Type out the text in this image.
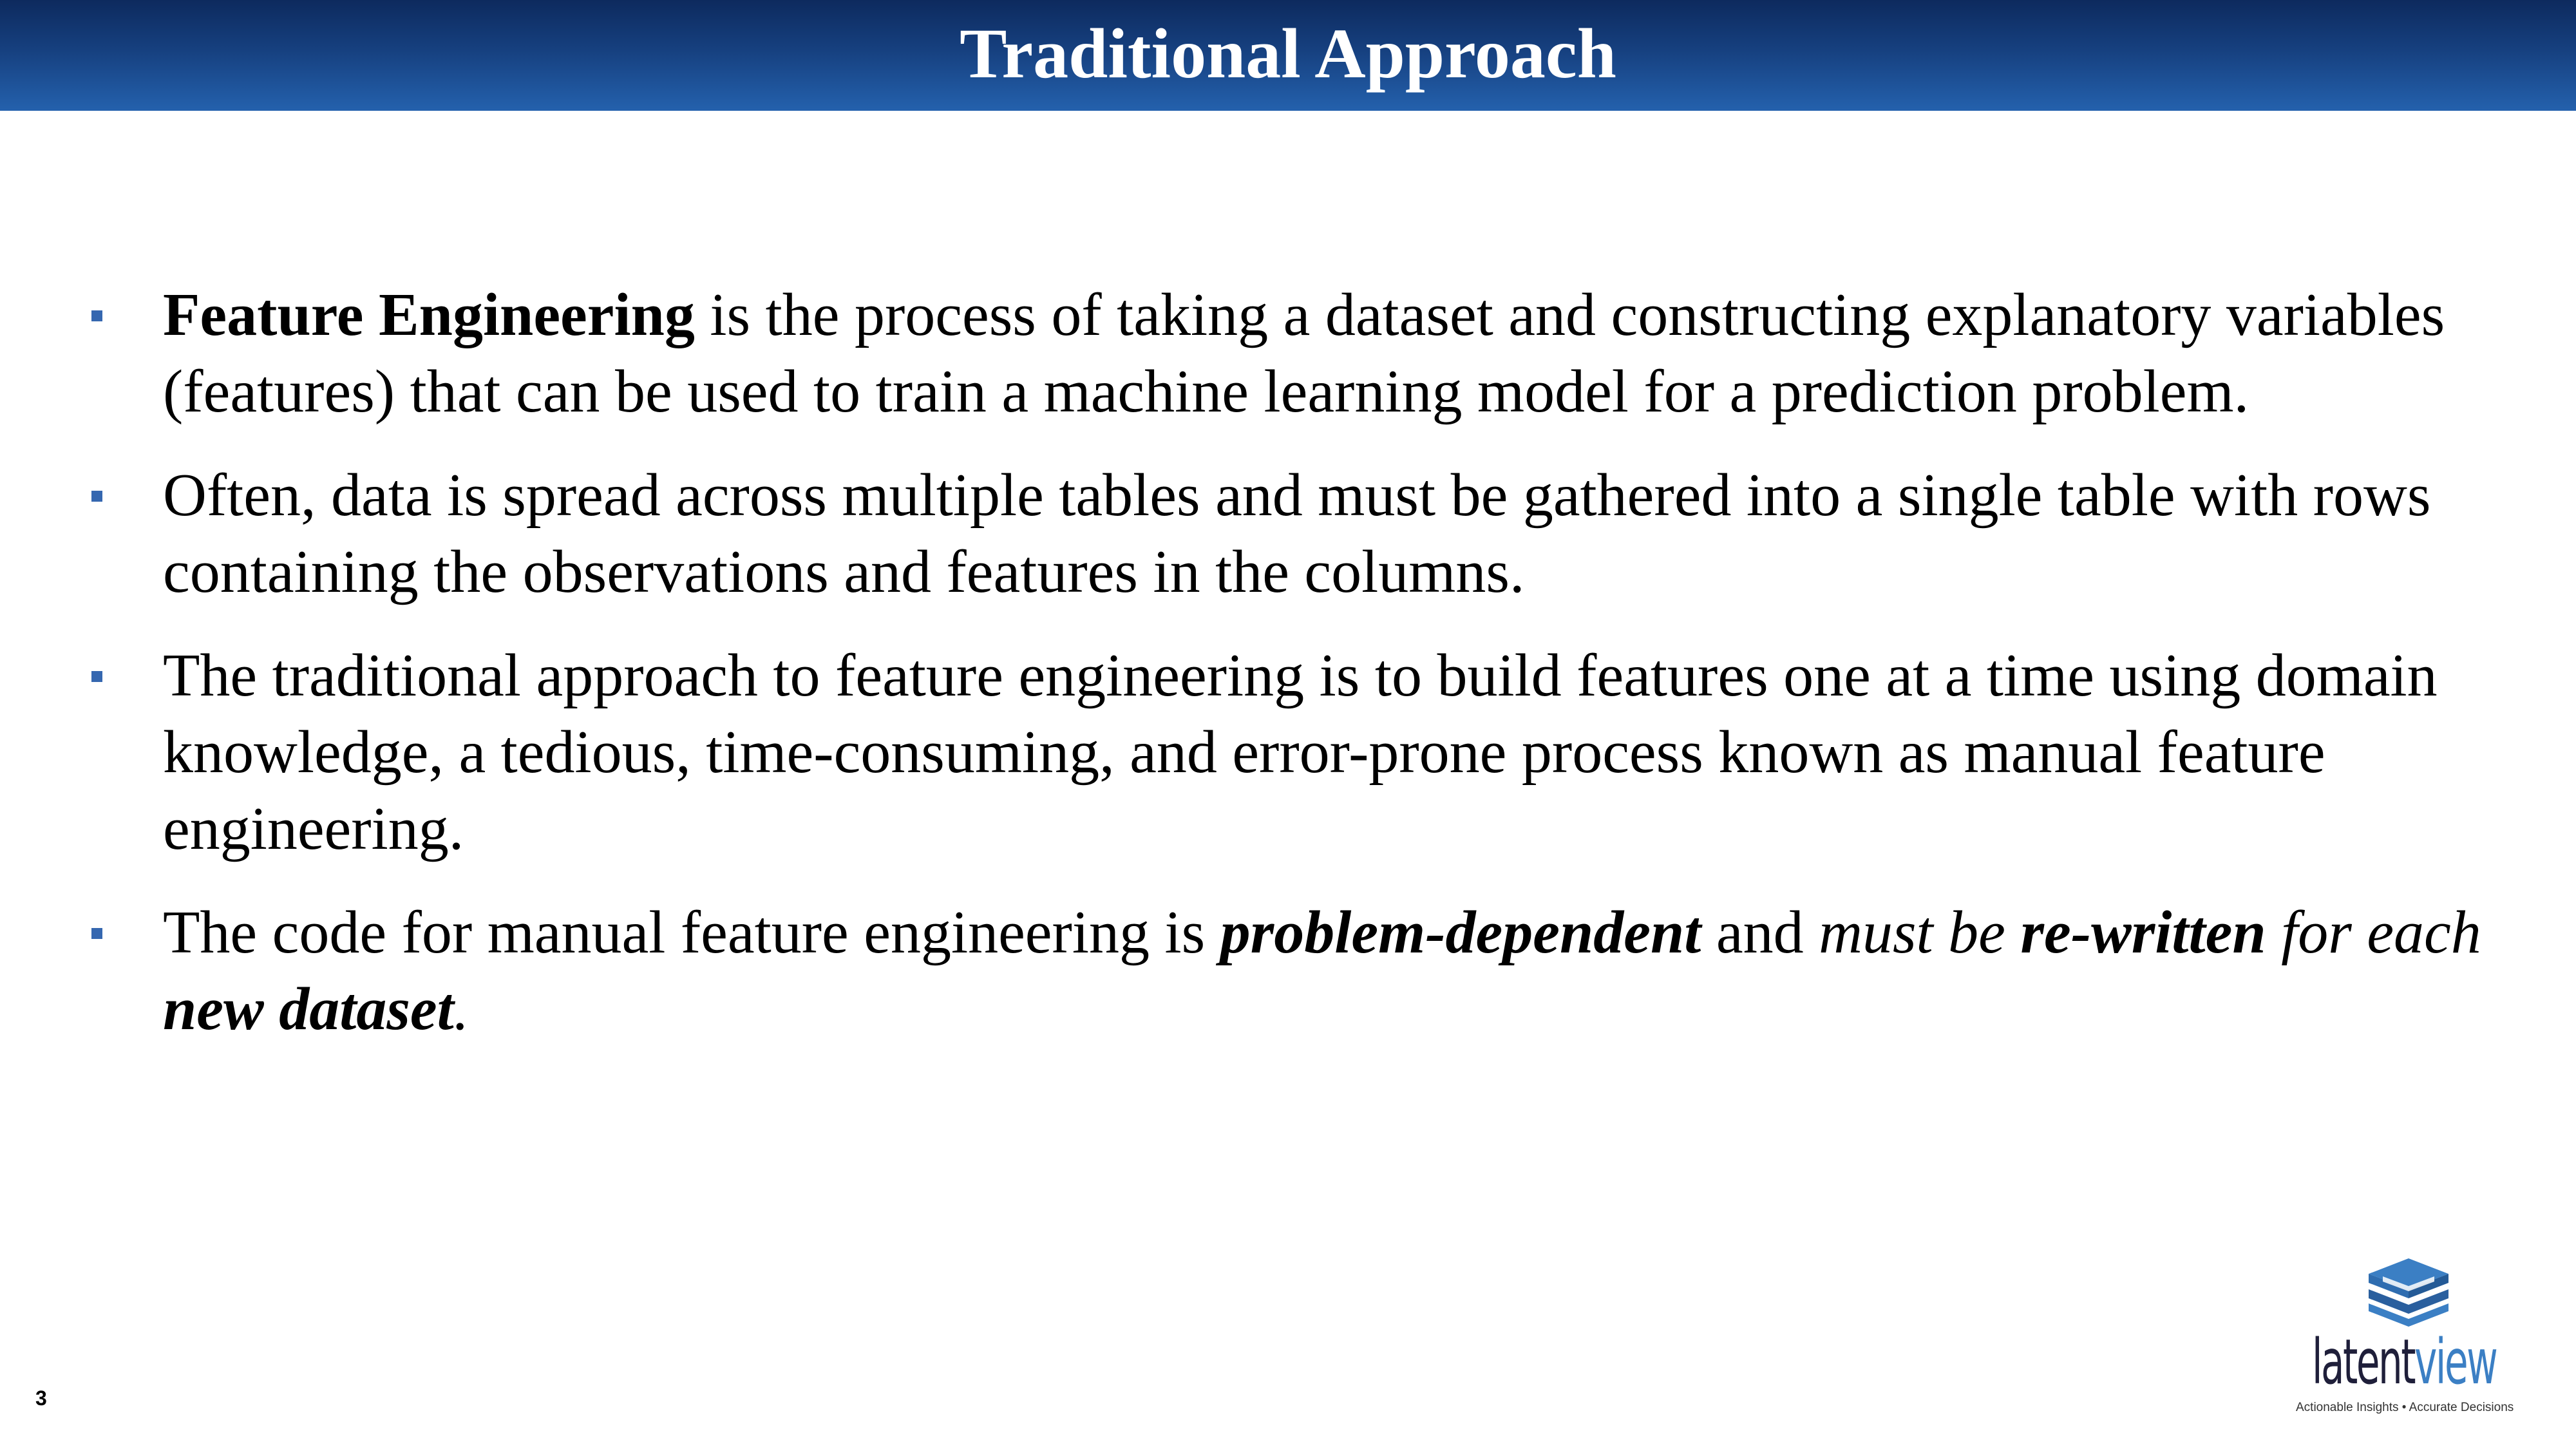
Traditional Approach
Feature Engineering is the process of taking a dataset and constructing explanatory variables (features) that can be used to train a machine learning model for a prediction problem.
Often, data is spread across multiple tables and must be gathered into a single table with rows containing the observations and features in the columns.
The traditional approach to feature engineering is to build features one at a time using domain knowledge, a tedious, time-consuming, and error-prone process known as manual feature engineering.
The code for manual feature engineering is problem-dependent and must be re-written for each new dataset.
3	latentview
Actionable Insights • Accurate Decisions
